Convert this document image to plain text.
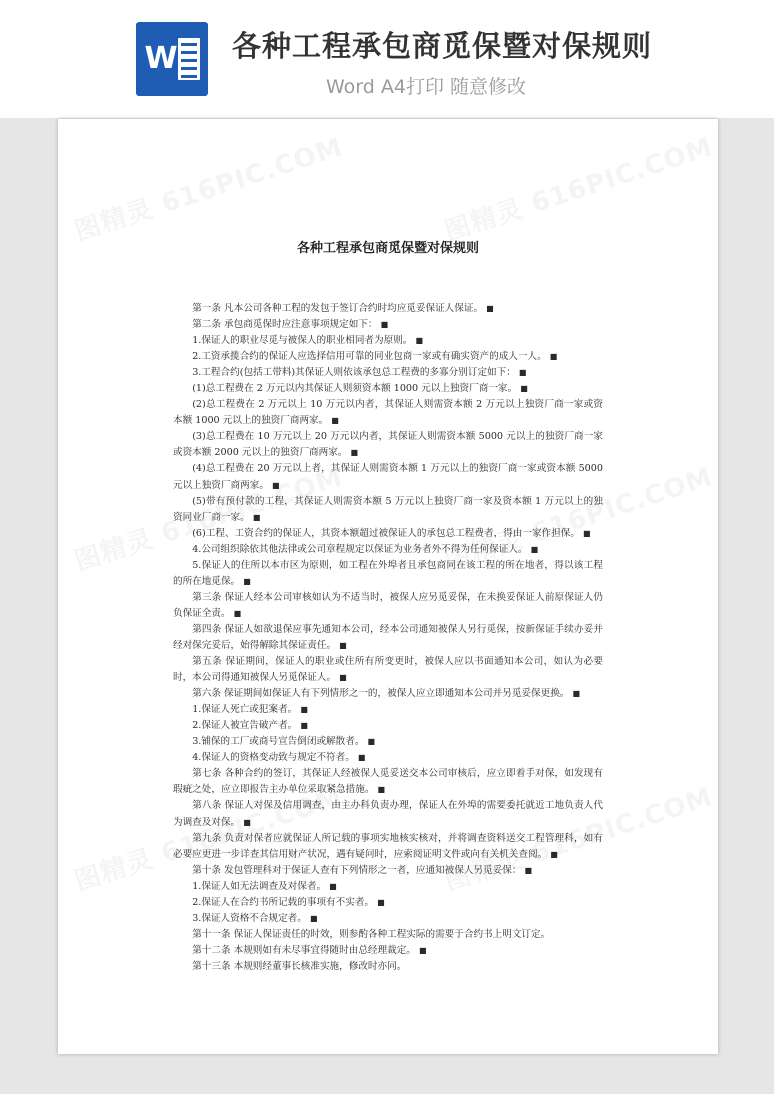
W 各种工程承包商觅保暨对保规则
Word A4打印 随意修改
各种工程承包商觅保暨对保规则

第一条 凡本公司各种工程的发包于签订合约时均应觅妥保证人保证。 ■

第二条 承包商觅保时应注意事项规定如下： ■

1.保证人的职业尽觅与被保人的职业相同者为原则。 ■

2.工资承揽合约的保证人应选择信用可靠的同业包商一家或有确实资产的成人一人。 ■

3.工程合约(包括工带料)其保证人则依该承包总工程费的多寡分别订定如下： ■

(1)总工程费在 2 万元以内其保证人则须资本额 1000 元以上独资厂商一家。 ■

(2)总工程费在 2 万元以上 10 万元以内者，其保证人则需资本额 2 万元以上独资厂商一家或资本额 1000 元以上的独资厂商两家。 ■

(3)总工程费在 10 万元以上 20 万元以内者，其保证人则需资本额 5000 元以上的独资厂商一家或资本额 2000 元以上的独资厂商两家。 ■

(4)总工程费在 20 万元以上者，其保证人则需资本额 1 万元以上的独资厂商一家或资本额 5000 元以上独资厂商两家。 ■

(5)带有预付款的工程，其保证人则需资本额 5 万元以上独资厂商一家及资本额 1 万元以上的独资同业厂商一家。 ■

(6)工程、工资合约的保证人，其资本额超过被保证人的承包总工程费者，得由一家作担保。 ■

4.公司组织除依其他法律或公司章程规定以保证为业务者外不得为任何保证人。 ■

5.保证人的住所以本市区为原则，如工程在外埠者且承包商同在该工程的所在地者，得以该工程的所在地觅保。 ■

第三条 保证人经本公司审核如认为不适当时，被保人应另觅妥保，在未换妥保证人前原保证人仍负保证全责。 ■

第四条 保证人如欲退保应事先通知本公司，经本公司通知被保人另行觅保，按新保证手续办妥并经对保完妥后，始得解除其保证责任。 ■

第五条 保证期间，保证人的职业或住所有所变更时，被保人应以书面通知本公司，如认为必要时，本公司得通知被保人另觅保证人。 ■

第六条 保证期间如保证人有下列情形之一的，被保人应立即通知本公司并另觅妥保更换。 ■

1.保证人死亡或犯案者。 ■

2.保证人被宣告破产者。 ■

3.铺保的工厂或商号宣告倒闭或解散者。 ■

4.保证人的资格变动致与规定不符者。 ■

第七条 各种合约的签订，其保证人经被保人觅妥送交本公司审核后，应立即着手对保，如发现有瑕疵之处，应立即报告主办单位采取紧急措施。 ■

第八条 保证人对保及信用调查，由主办科负责办理，保证人在外埠的需要委托就近工地负责人代为调查及对保。 ■

第九条 负责对保者应就保证人所记载的事项实地核实核对，并将调查资料送交工程管理科，如有必要应更进一步详查其信用财产状况，遇有疑问时，应索阅证明文件或向有关机关查阅。 ■

第十条 发包管理科对于保证人查有下列情形之一者，应通知被保人另觅妥保： ■

1.保证人如无法调查及对保者。 ■

2.保证人在合约书所记载的事项有不实者。 ■

3.保证人资格不合规定者。 ■

第十一条 保证人保证责任的时效，则参酌各种工程实际的需要于合约书上明文订定。

第十二条 本规则如有未尽事宜得随时由总经理裁定。 ■

第十三条 本规则经董事长核准实施，修改时亦同。
